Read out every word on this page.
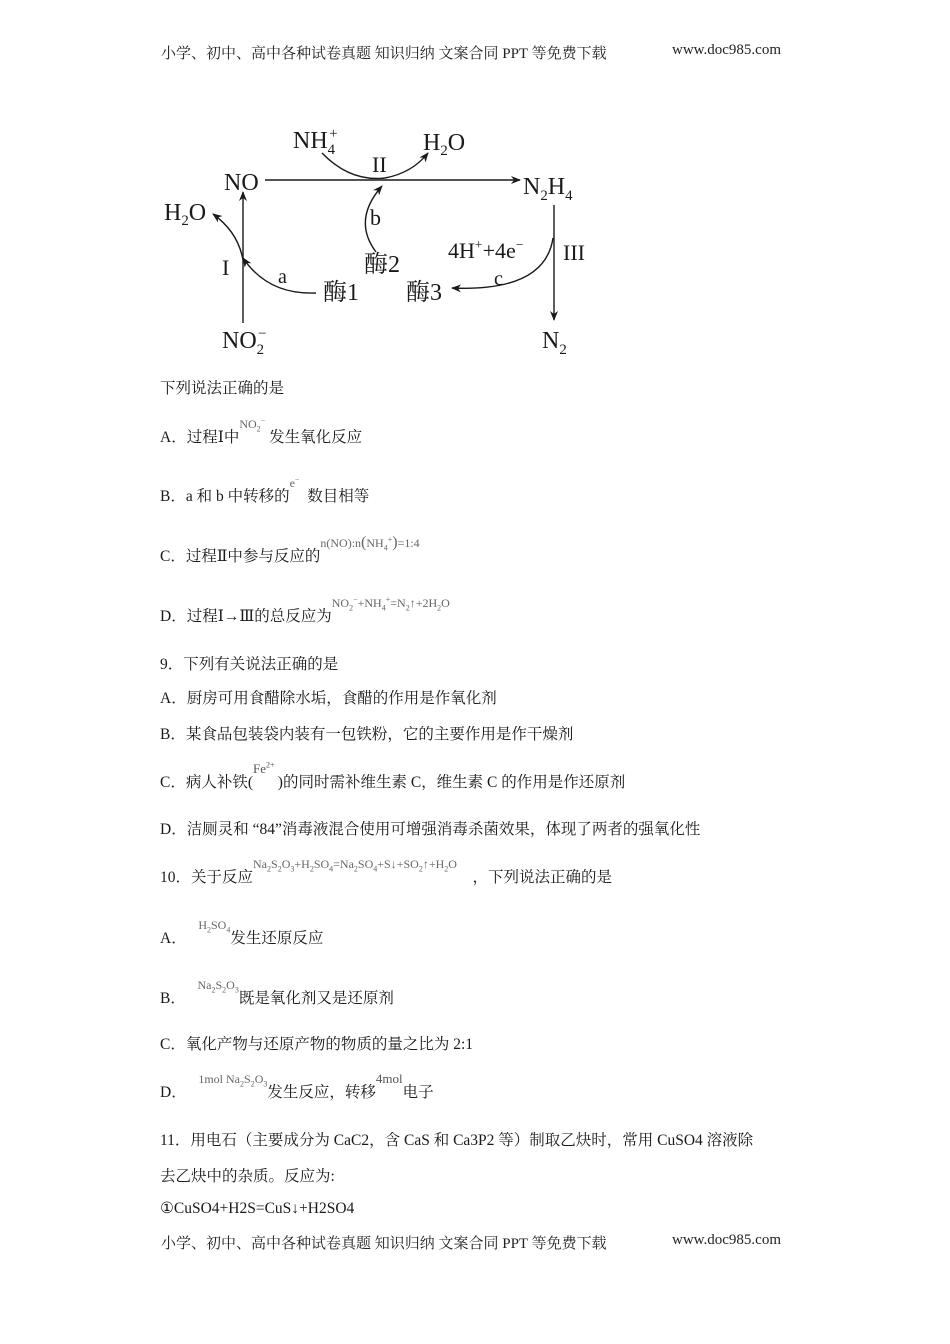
小学、初中、高中各种试卷真题 知识归纳 文案合同 PPT 等免费下载	www.doc985.com
$NH_4+$	$H_2O$
II
NO	$N_2H_4$
$H_2O$	b
4H++4e− III
I	酶2
a	c
酶1 酶3
$NO_2-$	$N_2$
下列说法正确的是
A．过程Ⅰ中$^{NO_2^-}$ 发生氧化反应
B．a 和 b 中转移的$^{e^-}$  数目相等
C．过程Ⅱ中参与反应的$^{n(NO):n(NH_4^+)=1:4}$
D．过程Ⅰ→Ⅲ的总反应为$^{NO_2^-+NH_4^+=N_2↑+2H_2O}$
9．下列有关说法正确的是
A．厨房可用食醋除水垢，食醋的作用是作氧化剂
B．某食品包装袋内装有一包铁粉，它的主要作用是作干燥剂
C．病人补铁($^{Fe^{2+}}$ )的同时需补维生素 C，维生素 C 的作用是作还原剂
D．洁厕灵和 “84”消毒液混合使用可增强消毒杀菌效果，体现了两者的强氧化性
10．关于反应$^{Na_2S_2O_3+H_2SO_4=Na_2SO_4+S↓+SO_2↑+H_2O}$    ，下列说法正确的是
A．   $^{H_2SO_4}$发生还原反应
B．   $^{Na_2S_2O_3}$既是氧化剂又是还原剂
C．氧化产物与还原产物的物质的量之比为 2:1
D．   $^{1mol Na_2S_2O_3}$发生反应，转移$^{4mol}$电子
11．用电石（主要成分为 CaC2，含 CaS 和 Ca3P2 等）制取乙炔时，常用 CuSO4 溶液除
去乙炔中的杂质。反应为:
①CuSO4+H2S=CuS↓+H2SO4
小学、初中、高中各种试卷真题 知识归纳 文案合同 PPT 等免费下载	www.doc985.com
